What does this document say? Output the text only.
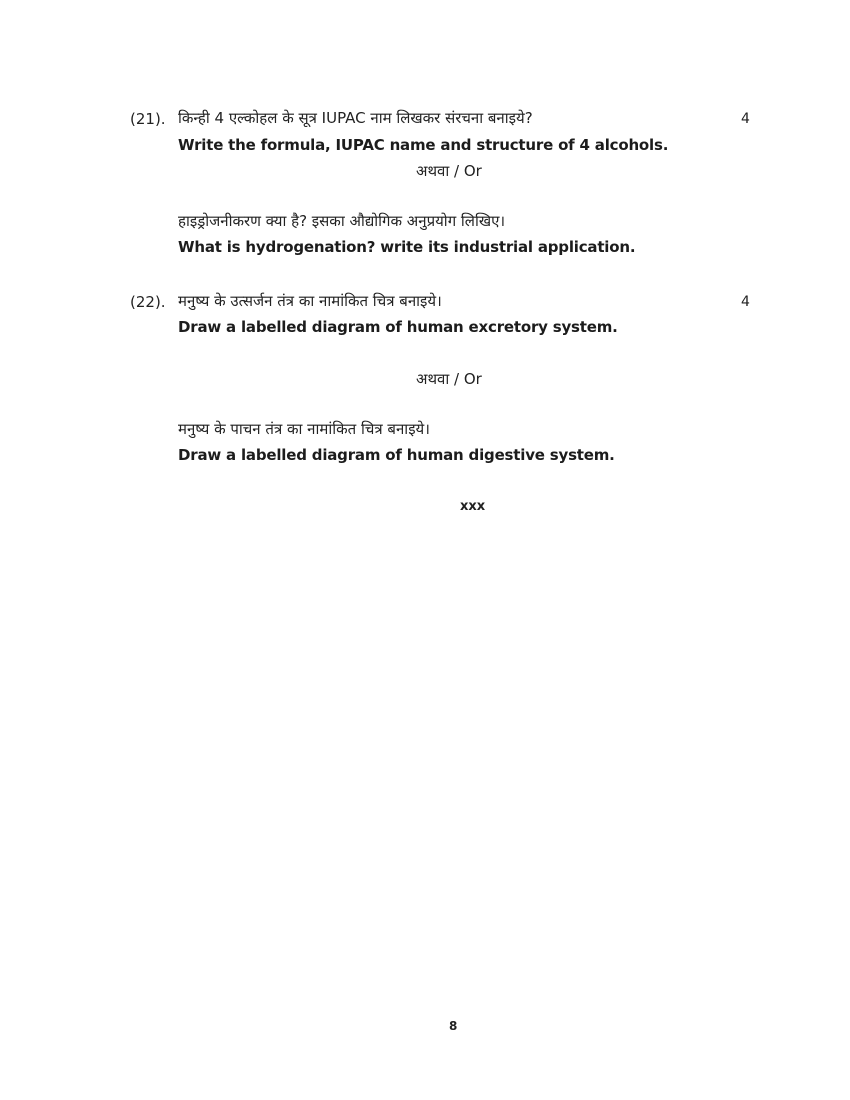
(21). किन्ही 4 एल्कोहल के सूत्र IUPAC नाम लिखकर संरचना बनाइये?	4
Write the formula, IUPAC name and structure of 4 alcohols.
अथवा / Or
हाइड्रोजनीकरण क्या है? इसका औद्योगिक अनुप्रयोग लिखिए।
What is hydrogenation? write its industrial application.
(22). मनुष्य के उत्सर्जन तंत्र का नामांकित चित्र बनाइये।	4
Draw a labelled diagram of human excretory system.
अथवा / Or
मनुष्य के पाचन तंत्र का नामांकित चित्र बनाइये।
Draw a labelled diagram of human digestive system.
xxx
8
